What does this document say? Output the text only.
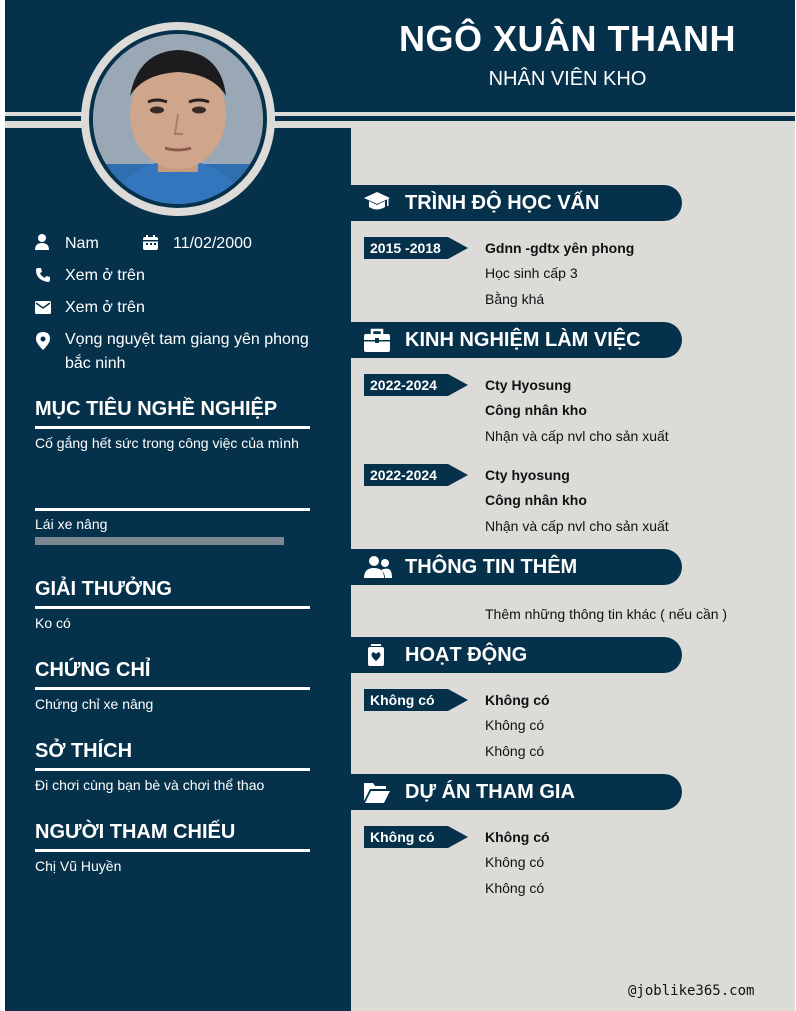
NGÔ XUÂN THANH
NHÂN VIÊN KHO
Nam	11/02/2000
Xem ở trên
Xem ở trên
Vọng nguyệt tam giang yên phong bắc ninh
MỤC TIÊU NGHỀ NGHIỆP
Cố gắng hết sức trong công việc của mình
Lái xe nâng
GIẢI THƯỞNG
Ko có
CHỨNG CHỈ
Chứng chỉ xe nâng
SỞ THÍCH
Đi chơi cùng bạn bè và chơi thể thao
NGƯỜI THAM CHIẾU
Chị Vũ Huyền
TRÌNH ĐỘ HỌC VẤN
2015 -2018	Gdnn -gdtx yên phong
Học sinh cấp 3
Bằng khá
KINH NGHIỆM LÀM VIỆC
2022-2024	Cty Hyosung
Công nhân kho
Nhận và cấp nvl cho sản xuất
2022-2024	Cty hyosung
Công nhân kho
Nhận và cấp nvl cho sản xuất
THÔNG TIN THÊM
Thêm những thông tin khác ( nếu cần )
HOẠT ĐỘNG
Không có	Không có
Không có
Không có
DỰ ÁN THAM GIA
Không có	Không có
Không có
Không có
@joblike365.com
